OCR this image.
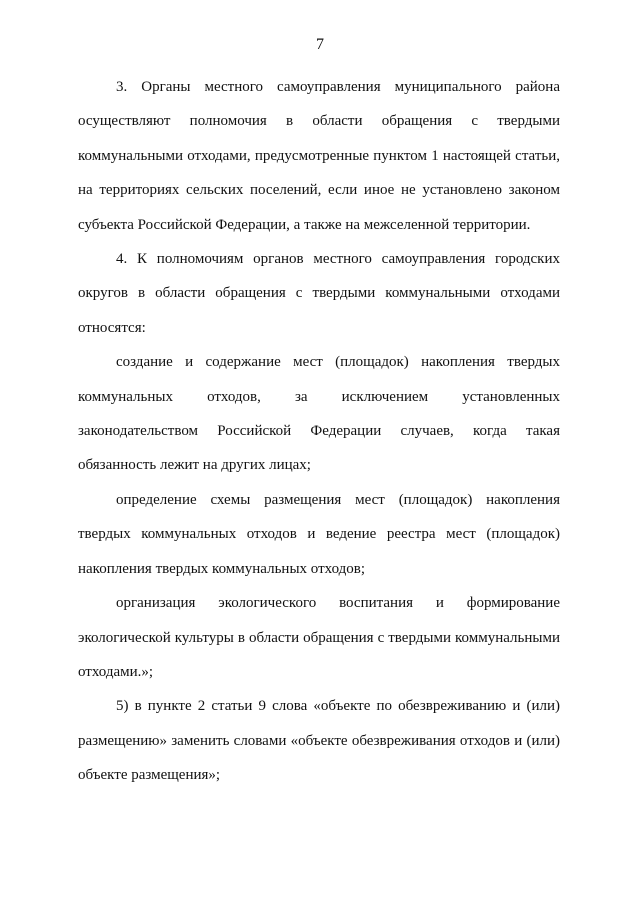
7

3. Органы местного самоуправления муниципального района осуществляют полномочия в области обращения с твердыми коммунальными отходами, предусмотренные пунктом 1 настоящей статьи, на территориях сельских поселений, если иное не установлено законом субъекта Российской Федерации, а также на межселенной территории.

4. К полномочиям органов местного самоуправления городских округов в области обращения с твердыми коммунальными отходами относятся:

создание и содержание мест (площадок) накопления твердых коммунальных отходов, за исключением установленных законодательством Российской Федерации случаев, когда такая обязанность лежит на других лицах;

определение схемы размещения мест (площадок) накопления твердых коммунальных отходов и ведение реестра мест (площадок) накопления твердых коммунальных отходов;

организация экологического воспитания и формирование экологической культуры в области обращения с твердыми коммунальными отходами.»;

5) в пункте 2 статьи 9 слова «объекте по обезвреживанию и (или) размещению» заменить словами «объекте обезвреживания отходов и (или) объекте размещения»;
